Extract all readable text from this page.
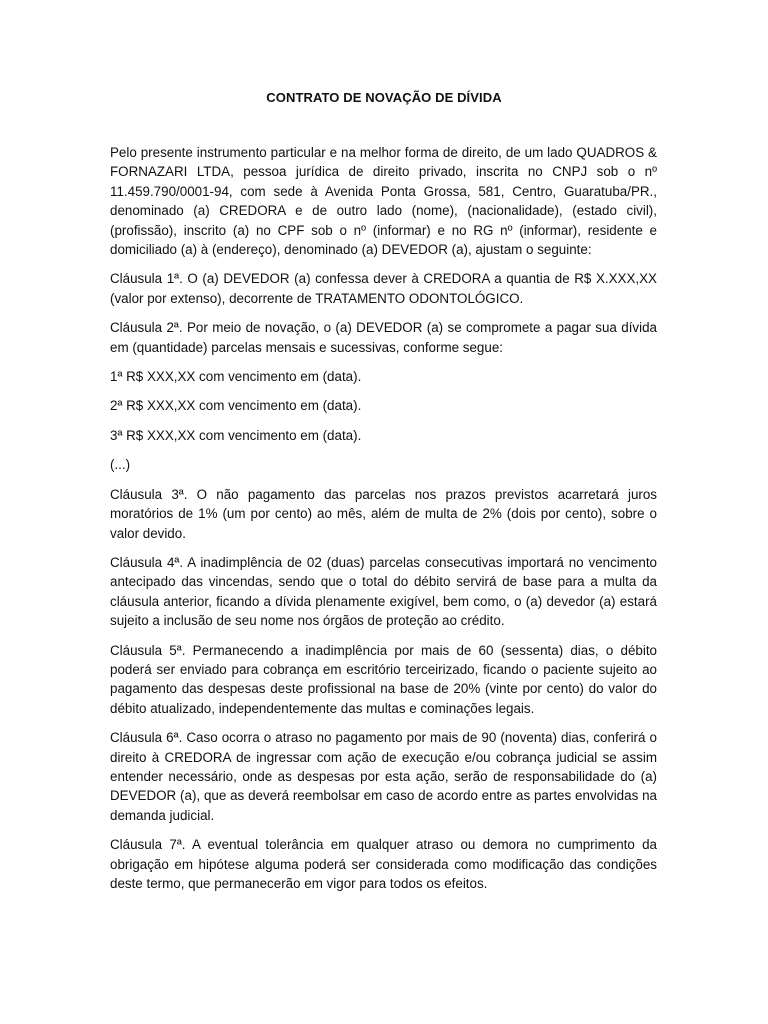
CONTRATO DE NOVAÇÃO DE DÍVIDA

Pelo presente instrumento particular e na melhor forma de direito, de um lado QUADROS & FORNAZARI LTDA, pessoa jurídica de direito privado, inscrita no CNPJ sob o nº 11.459.790/0001-94, com sede à Avenida Ponta Grossa, 581, Centro, Guaratuba/PR., denominado (a) CREDORA e de outro lado (nome), (nacionalidade), (estado civil), (profissão), inscrito (a) no CPF sob o nº (informar) e no RG nº (informar), residente e domiciliado (a) à (endereço), denominado (a) DEVEDOR (a), ajustam o seguinte:

Cláusula 1ª. O (a) DEVEDOR (a) confessa dever à CREDORA a quantia de R$ X.XXX,XX (valor por extenso), decorrente de TRATAMENTO ODONTOLÓGICO.

Cláusula 2ª. Por meio de novação, o (a) DEVEDOR (a) se compromete a pagar sua dívida em (quantidade) parcelas mensais e sucessivas, conforme segue:

1ª R$ XXX,XX com vencimento em (data).

2ª R$ XXX,XX com vencimento em (data).

3ª R$ XXX,XX com vencimento em (data).

(...)

Cláusula 3ª. O não pagamento das parcelas nos prazos previstos acarretará juros moratórios de 1% (um por cento) ao mês, além de multa de 2% (dois por cento), sobre o valor devido.

Cláusula 4ª. A inadimplência de 02 (duas) parcelas consecutivas importará no vencimento antecipado das vincendas, sendo que o total do débito servirá de base para a multa da cláusula anterior, ficando a dívida plenamente exigível, bem como, o (a) devedor (a) estará sujeito a inclusão de seu nome nos órgãos de proteção ao crédito.

Cláusula 5ª. Permanecendo a inadimplência por mais de 60 (sessenta) dias, o débito poderá ser enviado para cobrança em escritório terceirizado, ficando o paciente sujeito ao pagamento das despesas deste profissional na base de 20% (vinte por cento) do valor do débito atualizado, independentemente das multas e cominações legais.

Cláusula 6ª. Caso ocorra o atraso no pagamento por mais de 90 (noventa) dias, conferirá o direito à CREDORA de ingressar com ação de execução e/ou cobrança judicial se assim entender necessário, onde as despesas por esta ação, serão de responsabilidade do (a) DEVEDOR (a), que as deverá reembolsar em caso de acordo entre as partes envolvidas na demanda judicial.

Cláusula 7ª. A eventual tolerância em qualquer atraso ou demora no cumprimento da obrigação em hipótese alguma poderá ser considerada como modificação das condições deste termo, que permanecerão em vigor para todos os efeitos.
